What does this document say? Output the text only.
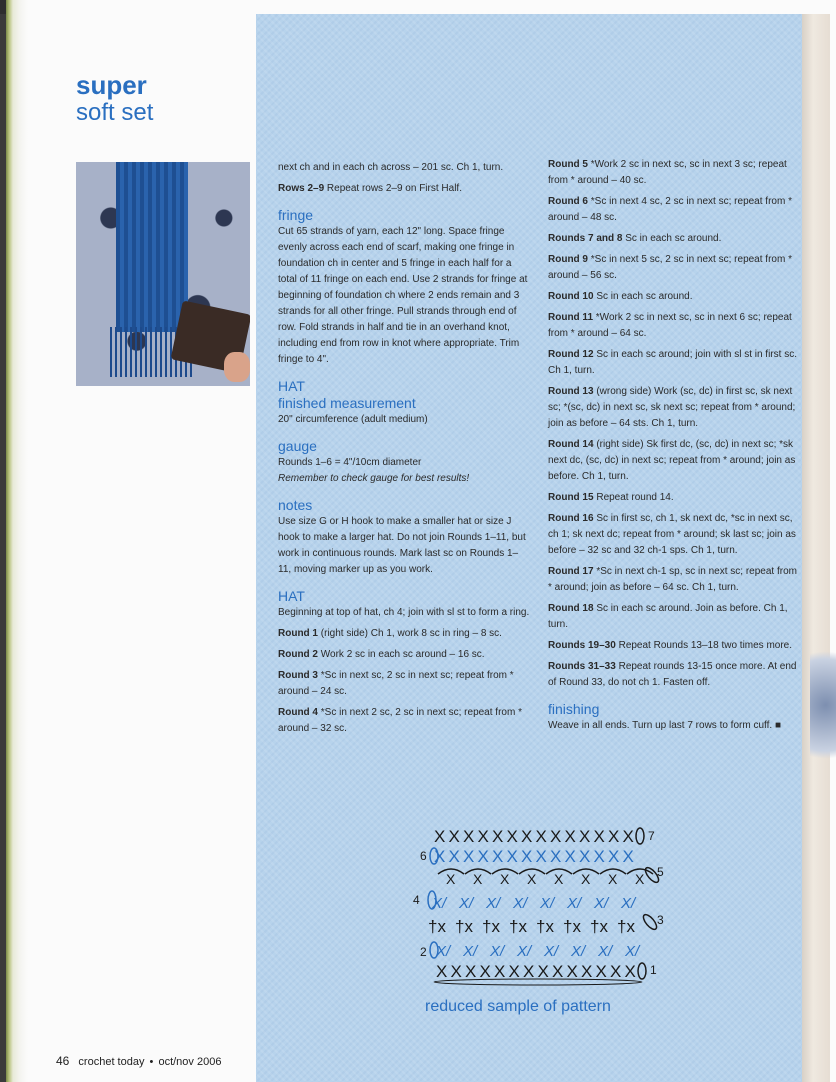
super
soft set

next ch and in each ch across – 201 sc. Ch 1, turn.

Rows 2–9 Repeat rows 2–9 on First Half.

fringe

Cut 65 strands of yarn, each 12" long. Space fringe evenly across each end of scarf, making one fringe in foundation ch in center and 5 fringe in each half for a total of 11 fringe on each end. Use 2 strands for fringe at beginning of foundation ch where 2 ends remain and 3 strands for all other fringe. Pull strands through end of row. Fold strands in half and tie in an overhand knot, including end from row in knot where appropriate. Trim fringe to 4".

HAT
finished measurement

20" circumference (adult medium)

gauge

Rounds 1–6 = 4"/10cm diameter

Remember to check gauge for best results!

notes

Use size G or H hook to make a smaller hat or size J hook to make a larger hat. Do not join Rounds 1–11, but work in continuous rounds. Mark last sc on Rounds 1–11, moving marker up as you work.

HAT

Beginning at top of hat, ch 4; join with sl st to form a ring.

Round 1 (right side) Ch 1, work 8 sc in ring – 8 sc.

Round 2 Work 2 sc in each sc around – 16 sc.

Round 3 *Sc in next sc, 2 sc in next sc; repeat from * around – 24 sc.

Round 4 *Sc in next 2 sc, 2 sc in next sc; repeat from * around – 32 sc.

Round 5 *Work 2 sc in next sc, sc in next 3 sc; repeat from * around – 40 sc.

Round 6 *Sc in next 4 sc, 2 sc in next sc; repeat from * around – 48 sc.

Rounds 7 and 8 Sc in each sc around.

Round 9 *Sc in next 5 sc, 2 sc in next sc; repeat from * around – 56 sc.

Round 10 Sc in each sc around.

Round 11 *Work 2 sc in next sc, sc in next 6 sc; repeat from * around – 64 sc.

Round 12 Sc in each sc around; join with sl st in first sc. Ch 1, turn.

Round 13 (wrong side) Work (sc, dc) in first sc, sk next sc; *(sc, dc) in next sc, sk next sc; repeat from * around; join as before – 64 sts. Ch 1, turn.

Round 14 (right side) Sk first dc, (sc, dc) in next sc; *sk next dc, (sc, dc) in next sc; repeat from * around; join as before. Ch 1, turn.

Round 15 Repeat round 14.

Round 16 Sc in first sc, ch 1, sk next dc, *sc in next sc, ch 1; sk next dc; repeat from * around; sk last sc; join as before – 32 sc and 32 ch-1 sps. Ch 1, turn.

Round 17 *Sc in next ch-1 sp, sc in next sc; repeat from * around; join as before – 64 sc. Ch 1, turn.

Round 18 Sc in each sc around. Join as before. Ch 1, turn.

Rounds 19–30 Repeat Rounds 13–18 two times more.

Rounds 31–33 Repeat rounds 13-15 once more. At end of Round 33, do not ch 1. Fasten off.

finishing

Weave in all ends. Turn up last 7 rows to form cuff. ■

X X X X X X X X X X X X X X
X X X X X X X X X X X X X X
X X X X X X X X
X/ X/ X/ X/ X/ X/ X/ X/
†x †x †x †x †x †x †x †x
X/ X/ X/ X/ X/ X/ X/ X/
X X X X X X X X X X X X X X
7
6
5
4
3
2
1
reduced sample of pattern
46 crochet today • oct/nov 2006
